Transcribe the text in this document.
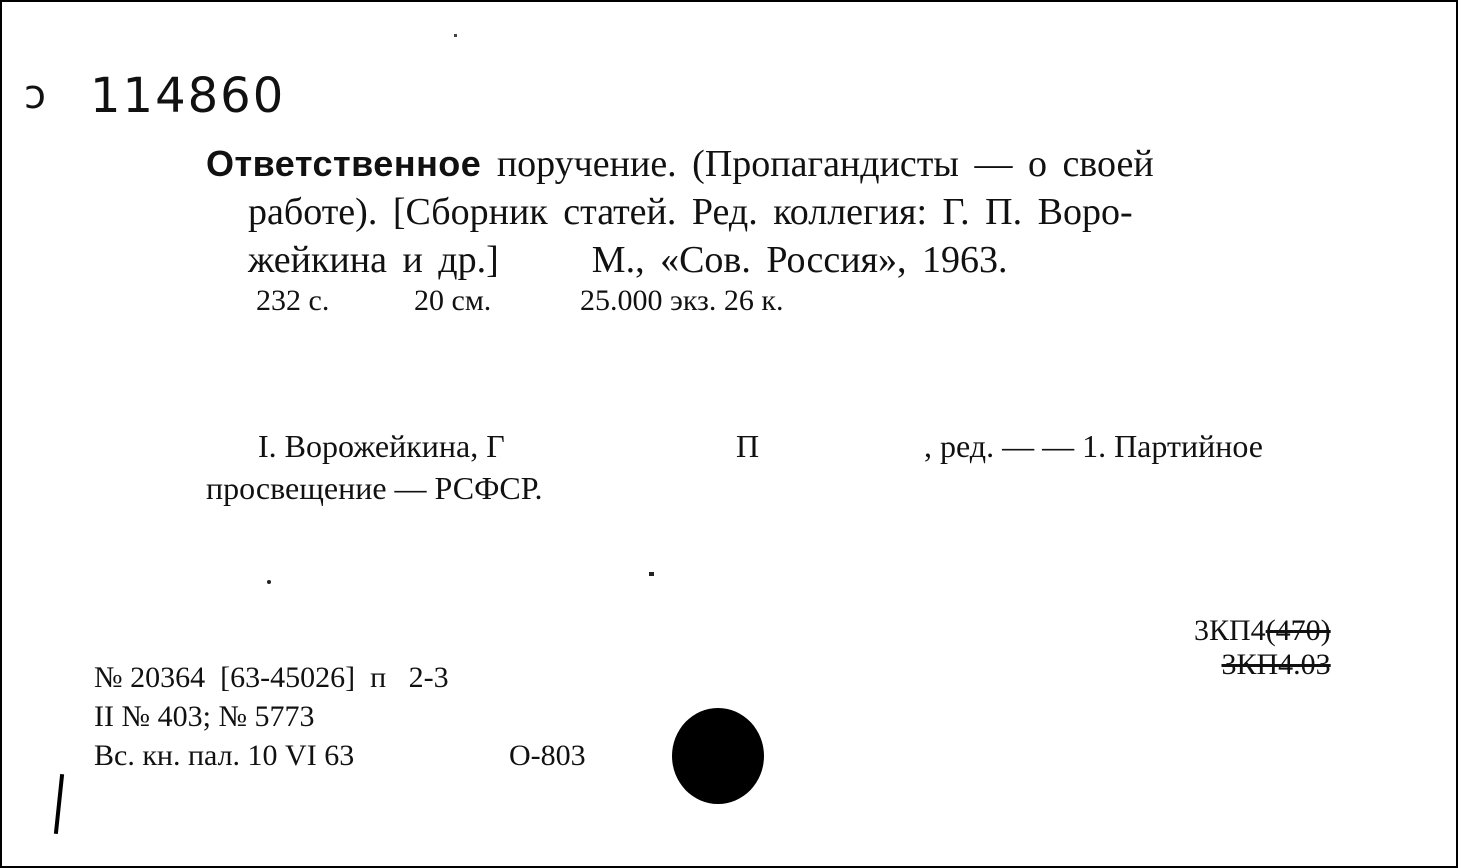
ↄ 114860
Ответственное поручение. (Пропагандисты — о своей
работе). [Сборник статей. Ред. коллегия: Г. П. Воро-
жейкина и др.]      М., «Сов. Россия», 1963.
232 с.	20 см.	25.000 экз. 26 к.
I. Ворожейкина, Г	П	, ред. — — 1. Партийное
просвещение — РСФСР.
№ 20364  [63-45026]  п   2-3
II № 403; № 5773
Вс. кн. пал. 10 VI 63	О-803
3КП4(470)
3КП4.03
